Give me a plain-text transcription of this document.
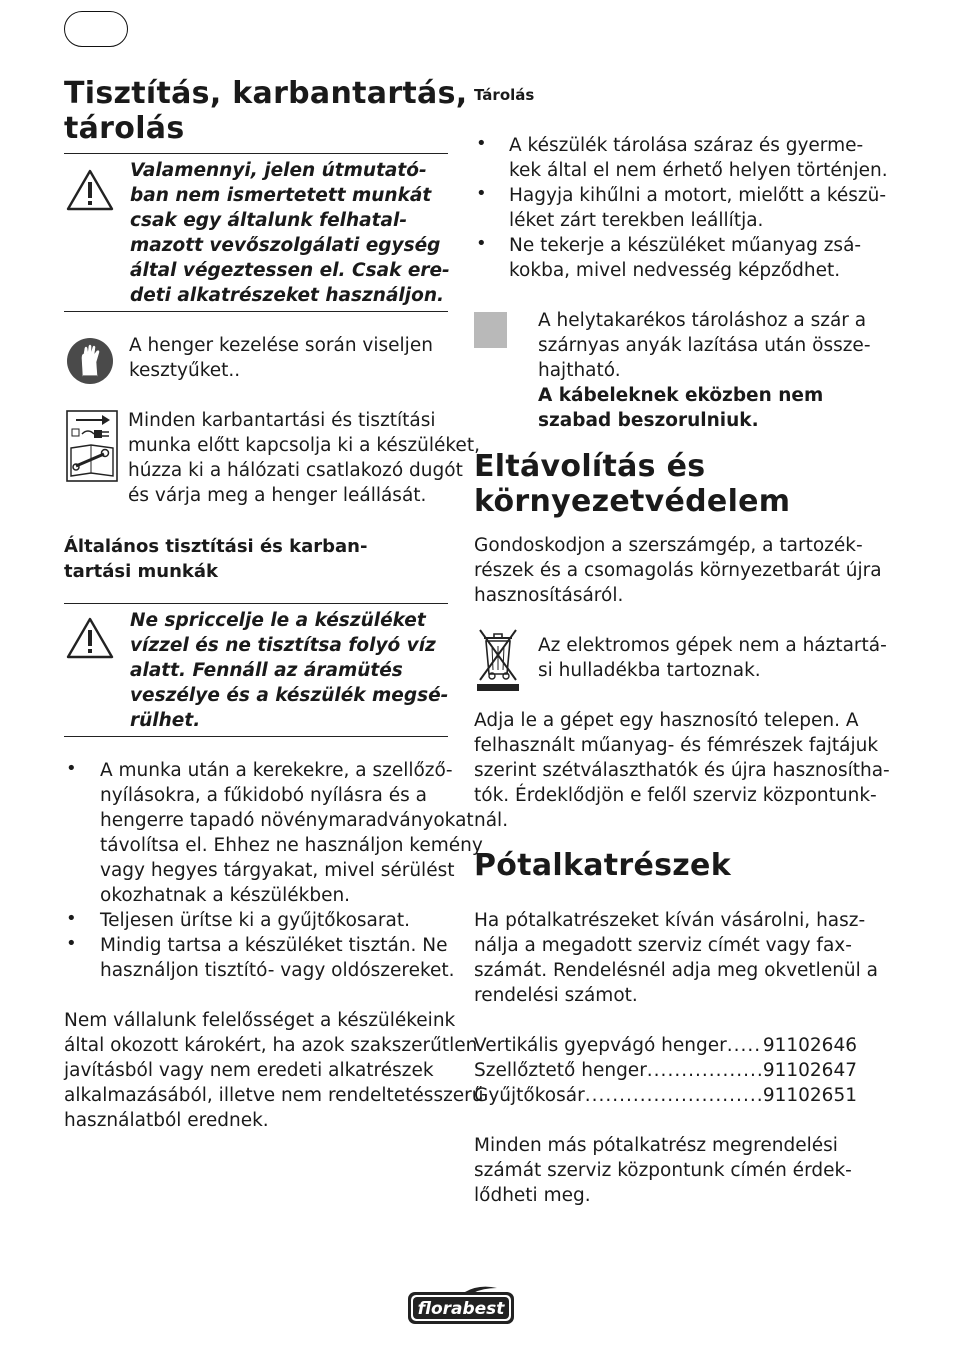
Tisztítás, karbantartás,
tárolás
Valamennyi, jelen útmutató-
ban nem ismertetett munkát
csak egy általunk felhatal-
mazott vevőszolgálati egység
által végeztessen el. Csak ere-
deti alkatrészeket használjon.
A henger kezelése során viseljen
kesztyűket..
Minden karbantartási és tisztítási
munka előtt kapcsolja ki a készüléket,
húzza ki a hálózati csatlakozó dugót
és várja meg a henger leállását.
Általános tisztítási és karban-
tartási munkák
Ne spriccelje le a készüléket
vízzel és ne tisztítsa folyó víz
alatt. Fennáll az áramütés
veszélye és a készülék megsé-
rülhet.
• A munka után a kerekekre, a szellőző-
nyílásokra, a fűkidobó nyílásra és a
hengerre tapadó növénymaradványokat
távolítsa el. Ehhez ne használjon kemény
vagy hegyes tárgyakat, mivel sérülést
okozhatnak a készülékben.
• Teljesen ürítse ki a gyűjtőkosarat.
• Mindig tartsa a készüléket tisztán. Ne
használjon tisztító- vagy oldószereket.
Nem vállalunk felelősséget a készülékeink
által okozott károkért, ha azok szakszerűtlen
javításból vagy nem eredeti alkatrészek
alkalmazásából, illetve nem rendeltetésszerű
használatból erednek.
Tárolás
• A készülék tárolása száraz és gyerme-
kek által el nem érhető helyen történjen.
• Hagyja kihűlni a motort, mielőtt a készü-
léket zárt terekben leállítja.
• Ne tekerje a készüléket műanyag zsá-
kokba, mivel nedvesség képződhet.
A helytakarékos tároláshoz a szár a
szárnyas anyák lazítása után össze-
hajtható.
A kábeleknek eközben nem
szabad beszorulniuk.
Eltávolítás és
környezetvédelem
Gondoskodjon a szerszámgép, a tartozék-
részek és a csomagolás környezetbarát újra
hasznosításáról.
Az elektromos gépek nem a háztartá-
si hulladékba tartoznak.
Adja le a gépet egy hasznosító telepen. A
felhasznált műanyag- és fémrészek fajtájuk
szerint szétválaszthatók és újra hasznosítha-
tók. Érdeklődjön e felől szerviz központunk-
nál.
Pótalkatrészek
Ha pótalkatrészeket kíván vásárolni, hasz-
nálja a megadott szerviz címét vagy fax-
számát. Rendelésnél adja meg okvetlenül a
rendelési számot.
Vertikális gyepvágó henger ..... 91102646
Szellőztető henger .....	91102647
Gyűjtőkosár .....	91102651
Minden más pótalkatrész megrendelési
számát szerviz központunk címén érdek-
lődheti meg.
florabest
